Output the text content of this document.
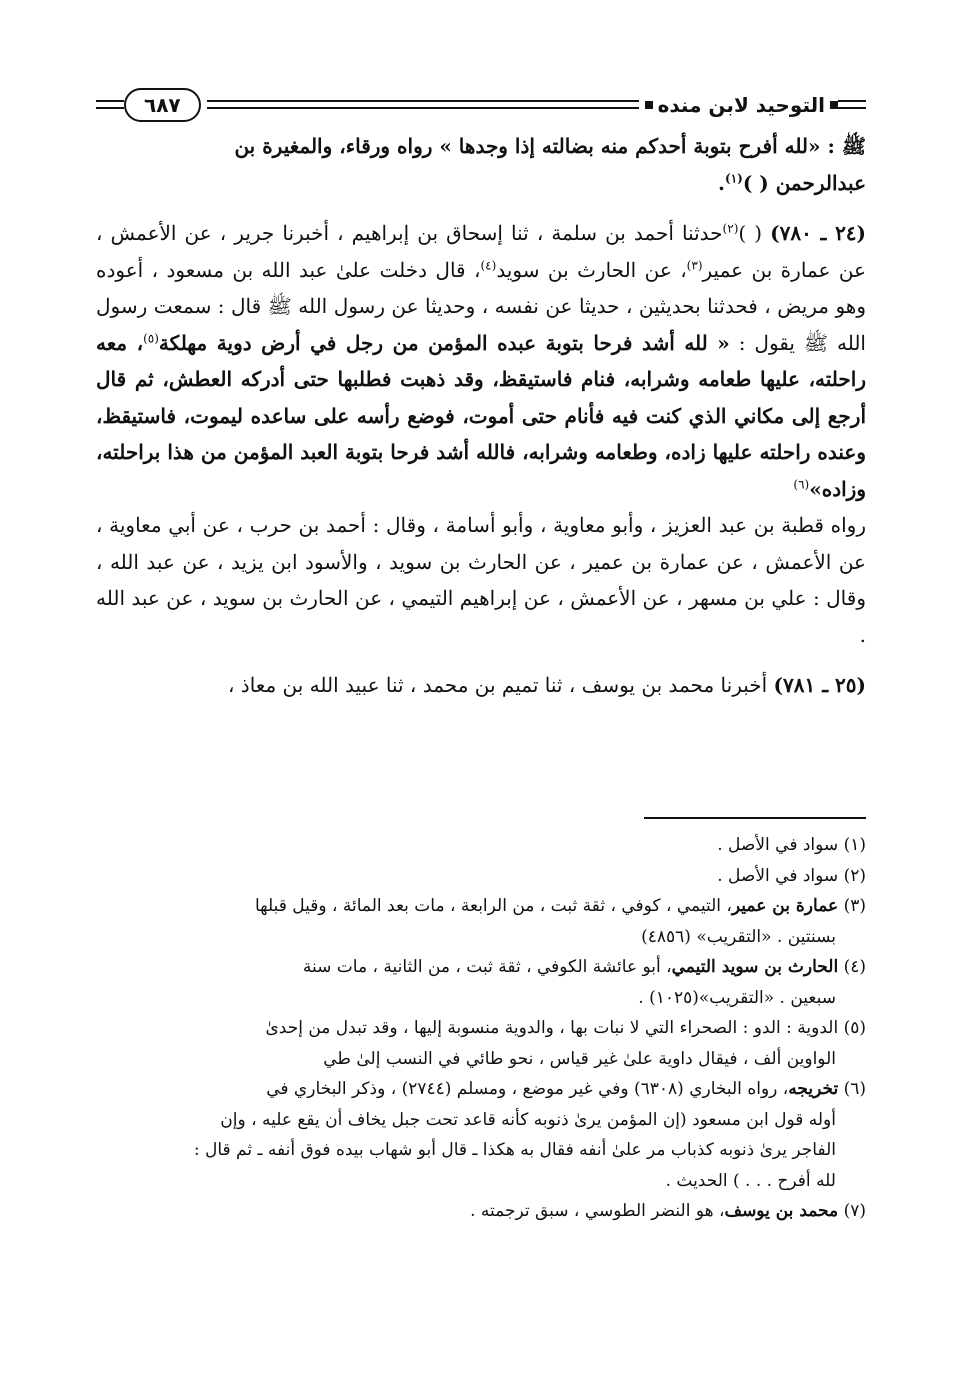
التوحيد لابن منده
٦٨٧

ﷺ : «لله أفرح بتوبة أحدكم منه بضالته إذا وجدها » رواه ورقاء، والمغيرة بن

عبدالرحمن ( )$^{(١)}$.

(٢٤ ـ ٧٨٠) ( )$^{(٢)}$حدثنا أحمد بن سلمة ، ثنا إسحاق بن إبراهيم ، أخبرنا جرير ، عن الأعمش ، عن عمارة بن عمير$^{(٣)}$، عن الحارث بن سويد$^{(٤)}$، قال دخلت علىٰ عبد الله بن مسعود ، أعوده وهو مريض ، فحدثنا بحديثين ، حديثا عن نفسه ، وحديثا عن رسول الله ﷺ قال : سمعت رسول الله ﷺ يقول : « لله أشد فرحا بتوبة عبده المؤمن من رجل في أرض دوية مهلكة$^{(٥)}$، معه راحلته، عليها طعامه وشرابه، فنام فاستيقظ، وقد ذهبت فطلبها حتى أدركه العطش، ثم قال أرجع إلى مكاني الذي كنت فيه فأنام حتى أموت، فوضع رأسه على ساعده ليموت، فاستيقظ، وعنده راحلته عليها زاده، وطعامه وشرابه، فالله أشد فرحا بتوبة العبد المؤمن من هذا براحلته، وزاده»$^{(٦)}$

رواه قطبة بن عبد العزيز ، وأبو معاوية ، وأبو أسامة ، وقال : أحمد بن حرب ، عن أبي معاوية ، عن الأعمش ، عن عمارة بن عمير ، عن الحارث بن سويد ، والأسود ابن يزيد ، عن عبد الله ، وقال : علي بن مسهر ، عن الأعمش ، عن إبراهيم التيمي ، عن الحارث بن سويد ، عن عبد الله .

(٢٥ ـ ٧٨١) أخبرنا محمد بن يوسف ، ثنا تميم بن محمد ، ثنا عبيد الله بن معاذ ،

(١) سواد في الأصل .

(٢) سواد في الأصل .

(٣) عمارة بن عمير، التيمي ، كوفي ، ثقة ثبت ، من الرابعة ، مات بعد المائة ، وقيل قبلها

بسنتين . «التقريب» (٤٨٥٦)

(٤) الحارث بن سويد التيمي، أبو عائشة الكوفي ، ثقة ثبت ، من الثانية ، مات سنة

سبعين . «التقريب»(١٠٢٥) .

(٥) الدوية : الدو : الصحراء التي لا نبات بها ، والدوية منسوبة إليها ، وقد تبدل من إحدىٰ

الواوين ألف ، فيقال داوية علىٰ غير قياس ، نحو طائي في النسب إلىٰ طي

(٦) تخريجه، رواه البخاري (٦٣٠٨) وفي غير موضع ، ومسلم (٢٧٤٤) ، وذكر البخاري في

أوله قول ابن مسعود (إن المؤمن يرىٰ ذنوبه كأنه قاعد تحت جبل يخاف أن يقع عليه ، وإن

الفاجر يرىٰ ذنوبه كذباب مر علىٰ أنفه فقال به هكذا ـ قال أبو شهاب بيده فوق أنفه ـ ثم قال :

لله أفرح . . . ) الحديث .

(٧) محمد بن يوسف، هو النضر الطوسي ، سبق ترجمته .
